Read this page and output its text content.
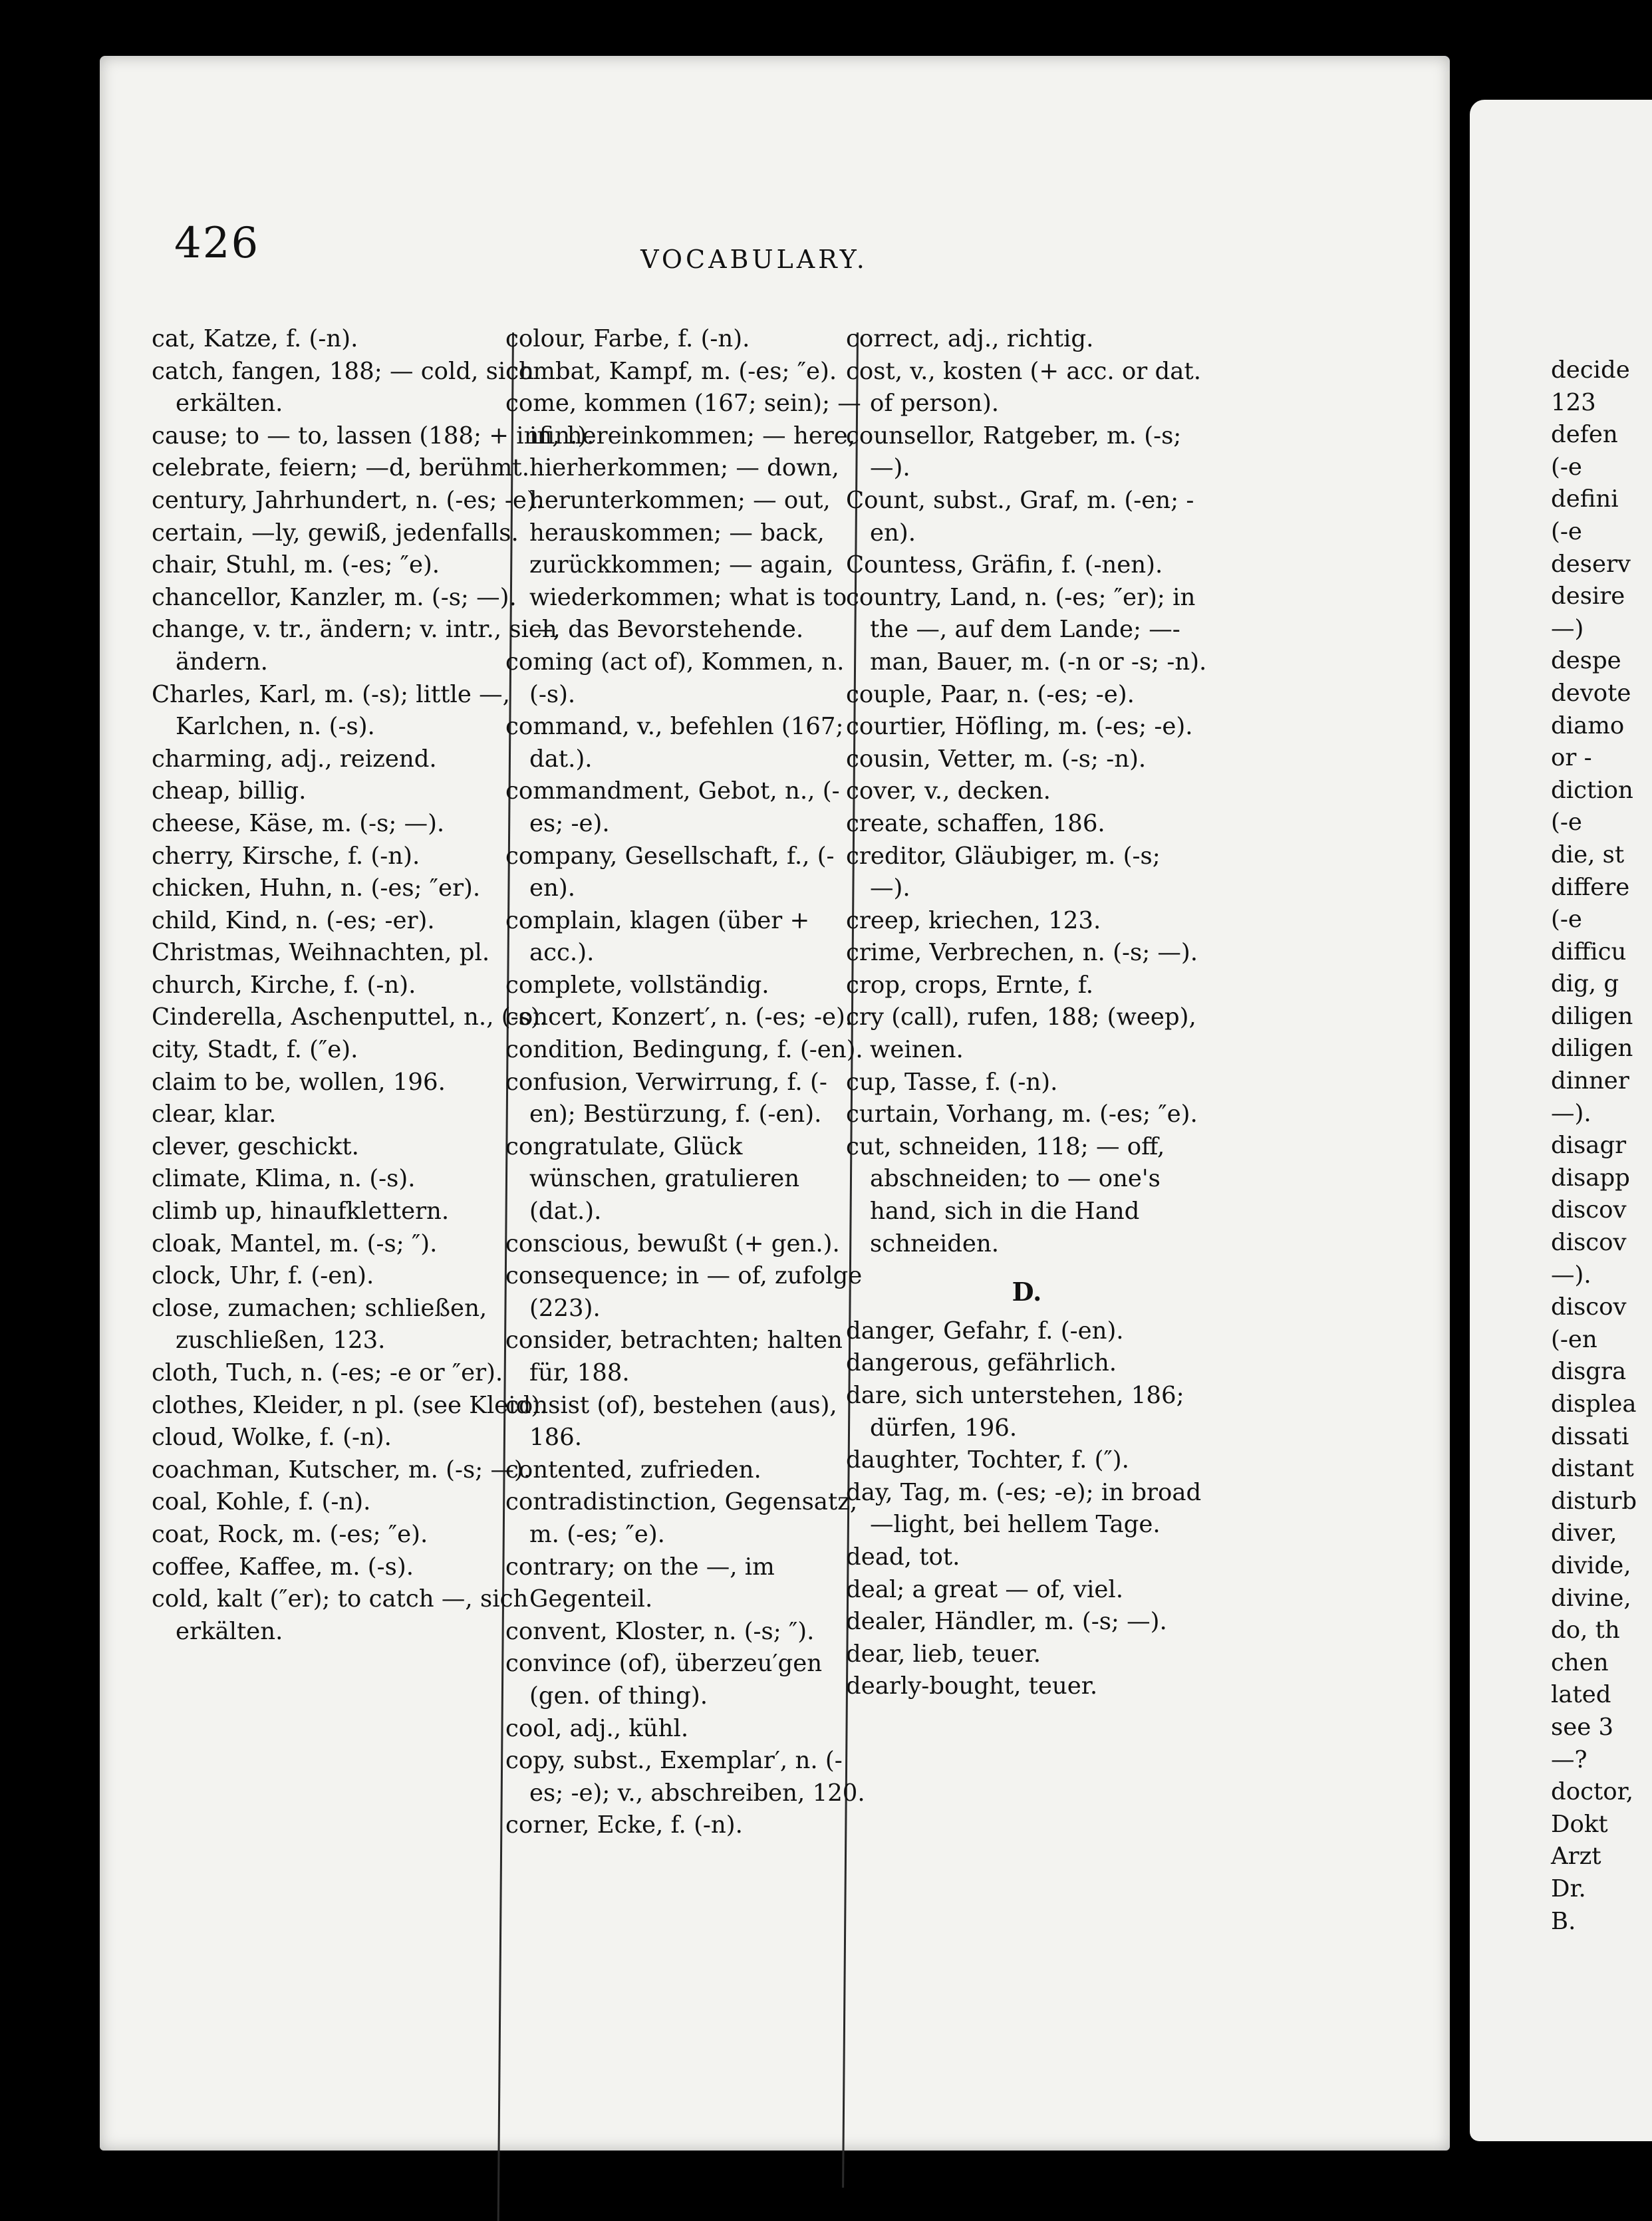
426	VOCABULARY.

cat, Katze, f. (-n).

catch, fangen, 188; — cold, sich erkälten.

cause; to — to, lassen (188; + infin.).

celebrate, feiern; —d, berühmt.

century, Jahrhundert, n. (-es; -e).

certain, —ly, gewiß, jedenfalls.

chair, Stuhl, m. (-es; ″e).

chancellor, Kanzler, m. (-s; —).

change, v. tr., ändern; v. intr., sich ändern.

Charles, Karl, m. (-s); little —, Karlchen, n. (-s).

charming, adj., reizend.

cheap, billig.

cheese, Käse, m. (-s; —).

cherry, Kirsche, f. (-n).

chicken, Huhn, n. (-es; ″er).

child, Kind, n. (-es; -er).

Christmas, Weihnachten, pl.

church, Kirche, f. (-n).

Cinderella, Aschenputtel, n., (-s).

city, Stadt, f. (″e).

claim to be, wollen, 196.

clear, klar.

clever, geschickt.

climate, Klima, n. (-s).

climb up, hinaufklettern.

cloak, Mantel, m. (-s; ″).

clock, Uhr, f. (-en).

close, zumachen; schließen, zuschließen, 123.

cloth, Tuch, n. (-es; -e or ″er).

clothes, Kleider, n pl. (see Kleid).

cloud, Wolke, f. (-n).

coachman, Kutscher, m. (-s; —).

coal, Kohle, f. (-n).

coat, Rock, m. (-es; ″e).

coffee, Kaffee, m. (-s).

cold, kalt (″er); to catch —, sich erkälten.

colour, Farbe, f. (-n).

combat, Kampf, m. (-es; ″e).

come, kommen (167; sein); — in, hereinkommen; — here, hierherkommen; — down, herunterkommen; — out, herauskommen; — back, zurückkommen; — again, wiederkommen; what is to —, das Bevorstehende.

coming (act of), Kommen, n. (-s).

command, v., befehlen (167; dat.).

commandment, Gebot, n., (-es; -e).

company, Gesellschaft, f., (-en).

complain, klagen (über + acc.).

complete, vollständig.

concert, Konzert′, n. (-es; -e).

condition, Bedingung, f. (-en).

confusion, Verwirrung, f. (-en); Bestürzung, f. (-en).

congratulate, Glück wünschen, gratulieren (dat.).

conscious, bewußt (+ gen.).

consequence; in — of, zufolge (223).

consider, betrachten; halten für, 188.

consist (of), bestehen (aus), 186.

contented, zufrieden.

contradistinction, Gegensatz, m. (-es; ″e).

contrary; on the —, im Gegenteil.

convent, Kloster, n. (-s; ″).

convince (of), überzeu′gen (gen. of thing).

cool, adj., kühl.

copy, subst., Exemplar′, n. (-es; -e); v., abschreiben, 120.

corner, Ecke, f. (-n).

correct, adj., richtig.

cost, v., kosten (+ acc. or dat. of person).

counsellor, Ratgeber, m. (-s; —).

Count, subst., Graf, m. (-en; -en).

Countess, Gräfin, f. (-nen).

country, Land, n. (-es; ″er); in the —, auf dem Lande; —-man, Bauer, m. (-n or -s; -n).

couple, Paar, n. (-es; -e).

courtier, Höfling, m. (-es; -e).

cousin, Vetter, m. (-s; -n).

cover, v., decken.

create, schaffen, 186.

creditor, Gläubiger, m. (-s; —).

creep, kriechen, 123.

crime, Verbrechen, n. (-s; —).

crop, crops, Ernte, f.

cry (call), rufen, 188; (weep), weinen.

cup, Tasse, f. (-n).

curtain, Vorhang, m. (-es; ″e).

cut, schneiden, 118; — off, abschneiden; to — one's hand, sich in die Hand schneiden.

D.

danger, Gefahr, f. (-en).

dangerous, gefährlich.

dare, sich unterstehen, 186; dürfen, 196.

daughter, Tochter, f. (″).

day, Tag, m. (-es; -e); in broad —light, bei hellem Tage.

dead, tot.

deal; a great — of, viel.

dealer, Händler, m. (-s; —).

dear, lieb, teuer.

dearly-bought, teuer.

decide
123
defen
(-e
defini
(-e
deserv
desire
—)
despe
devote
diamo
or -
diction
(-e
die, st
differe
(-e
difficu
dig, g
diligen
diligen
dinner
—).
disagr
disapp
discov
discov
—).
discov
(-en
disgra
displea
dissati
distant
disturb
diver,
divide,
divine,
do, th
chen
lated
see 3
—?
doctor,
Dokt
Arzt
Dr.
B.
